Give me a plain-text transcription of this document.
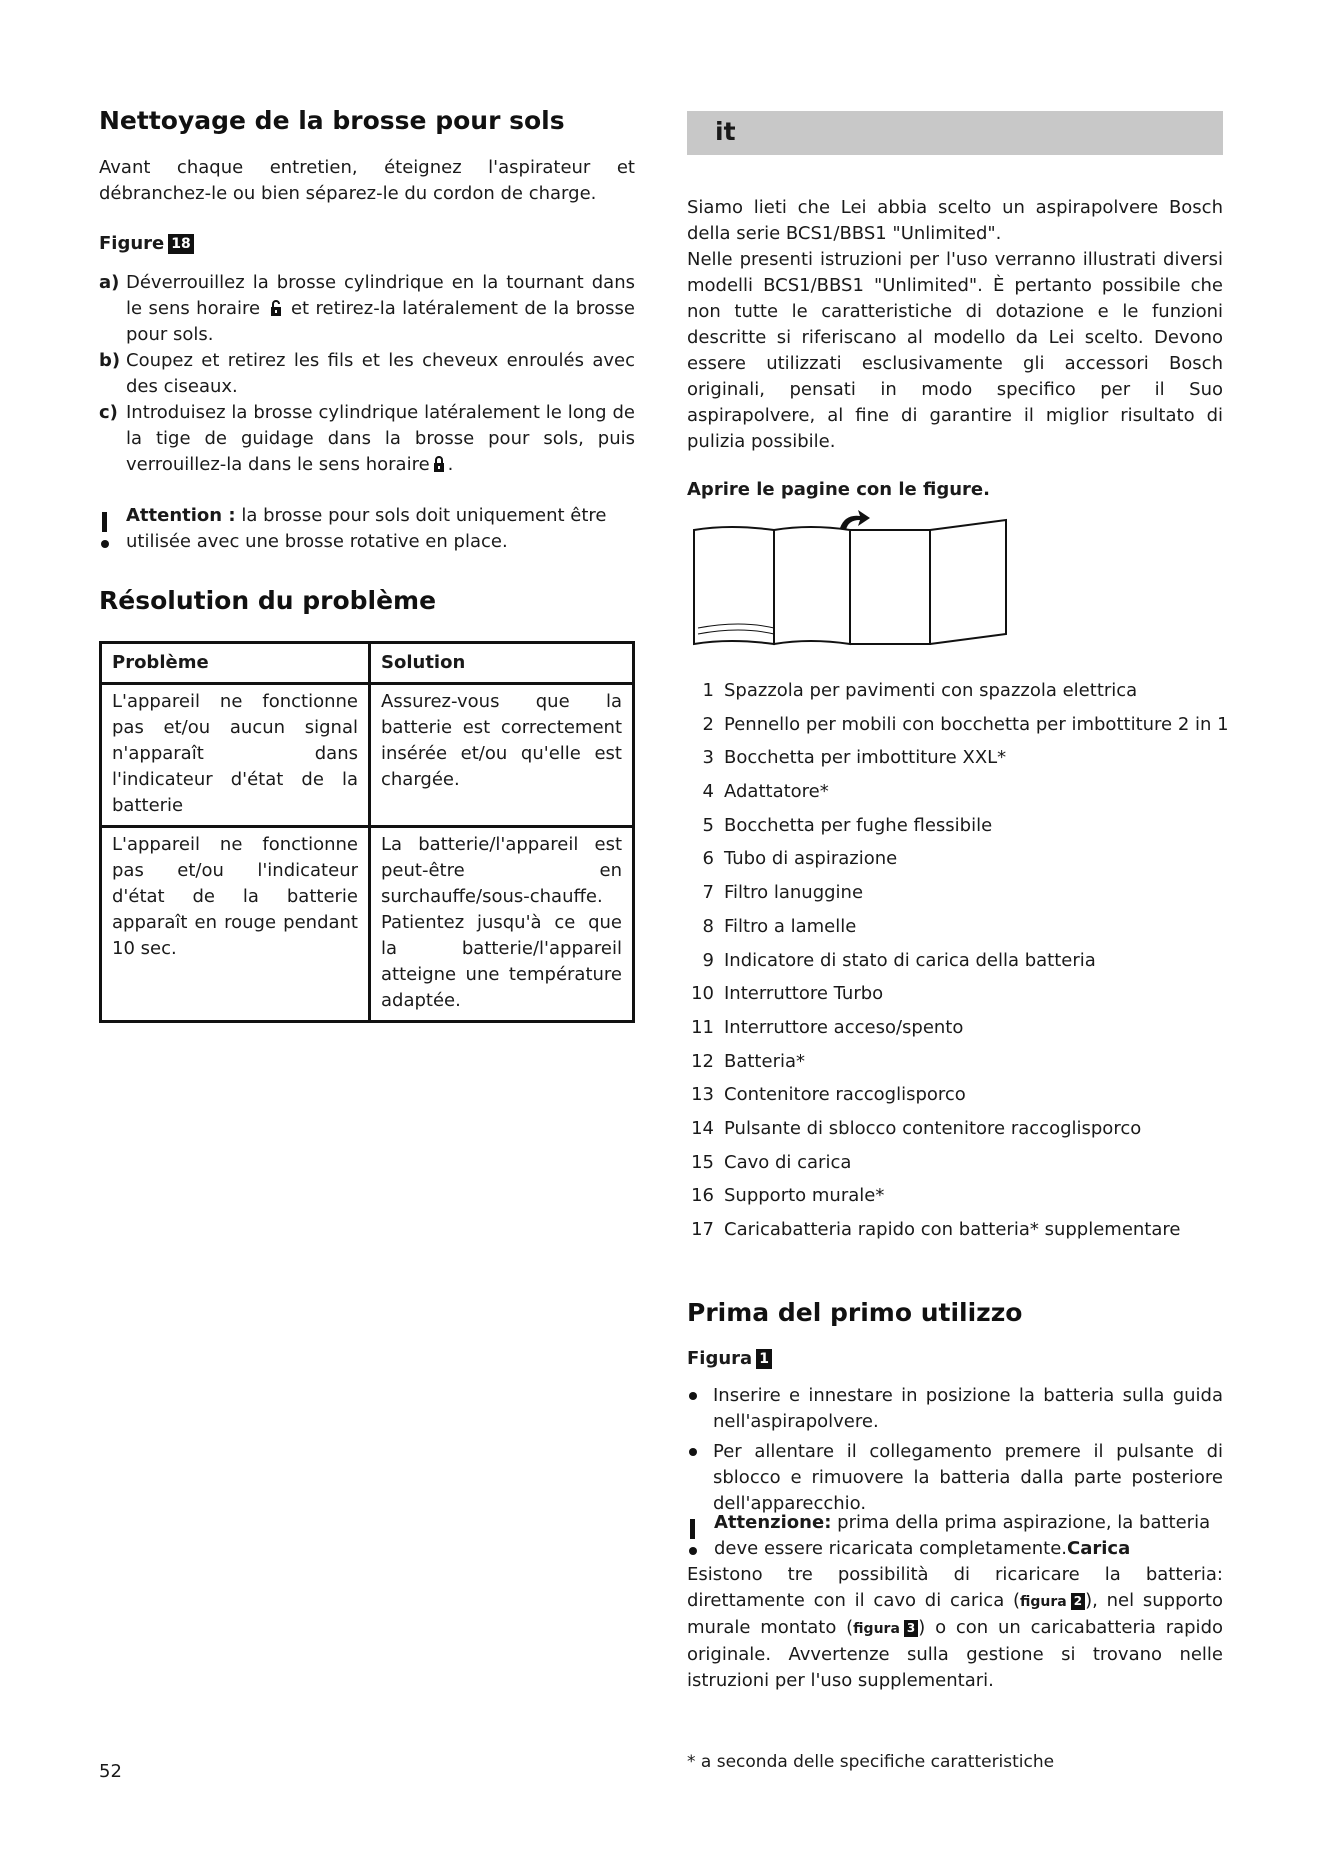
Nettoyage de la brosse pour sols
Avant chaque entretien, éteignez l'aspirateur et débranchez-le ou bien séparez-le du cordon de charge.
Figure 18
a) Déverrouillez la brosse cylindrique en la tournant dans le sens horaire et retirez-la latéralement de la brosse pour sols.
b) Coupez et retirez les fils et les cheveux enroulés avec des ciseaux.
c) Introduisez la brosse cylindrique latéralement le long de la tige de guidage dans la brosse pour sols, puis verrouillez-la dans le sens horaire .
Attention : la brosse pour sols doit uniquement être utilisée avec une brosse rotative en place.
Résolution du problème
Problème	Solution
L'appareil ne fonctionne pas et/ou aucun signal n'apparaît dans l'indicateur d'état de la batterie	Assurez-vous que la batterie est correctement insérée et/ou qu'elle est chargée.
L'appareil ne fonctionne pas et/ou l'indicateur d'état de la batterie apparaît en rouge pendant 10 sec.	La batterie/l'appareil est peut-être en surchauffe/sous-chauffe. Patientez jusqu'à ce que la batterie/l'appareil atteigne une température adaptée.
52
it
Siamo lieti che Lei abbia scelto un aspirapolvere Bosch della serie BCS1/BBS1 "Unlimited".
Nelle presenti istruzioni per l'uso verranno illustrati diversi modelli BCS1/BBS1 "Unlimited". È pertanto possibile che non tutte le caratteristiche di dotazione e le funzioni descritte si riferiscano al modello da Lei scelto. Devono essere utilizzati esclusivamente gli accessori Bosch originali, pensati in modo specifico per il Suo aspirapolvere, al fine di garantire il miglior risultato di pulizia possibile.
Aprire le pagine con le figure.
1 Spazzola per pavimenti con spazzola elettrica
2 Pennello per mobili con bocchetta per imbottiture 2 in 1
3 Bocchetta per imbottiture XXL*
4 Adattatore*
5 Bocchetta per fughe flessibile
6 Tubo di aspirazione
7 Filtro lanuggine
8 Filtro a lamelle
9 Indicatore di stato di carica della batteria
10 Interruttore Turbo
11 Interruttore acceso/spento
12 Batteria*
13 Contenitore raccoglisporco
14 Pulsante di sblocco contenitore raccoglisporco
15 Cavo di carica
16 Supporto murale*
17 Caricabatteria rapido con batteria* supplementare
Prima del primo utilizzo
Figura 1
Inserire e innestare in posizione la batteria sulla guida nell'aspirapolvere.
Per allentare il collegamento premere il pulsante di sblocco e rimuovere la batteria dalla parte posteriore dell'apparecchio.
Attenzione: prima della prima aspirazione, la batteria deve essere ricaricata completamente.Carica
Esistono tre possibilità di ricaricare la batteria: direttamente con il cavo di carica (figura 2 ), nel supporto murale montato (figura 3 ) o con un caricabatteria rapido originale. Avvertenze sulla gestione si trovano nelle istruzioni per l'uso supplementari.
* a seconda delle specifiche caratteristiche
